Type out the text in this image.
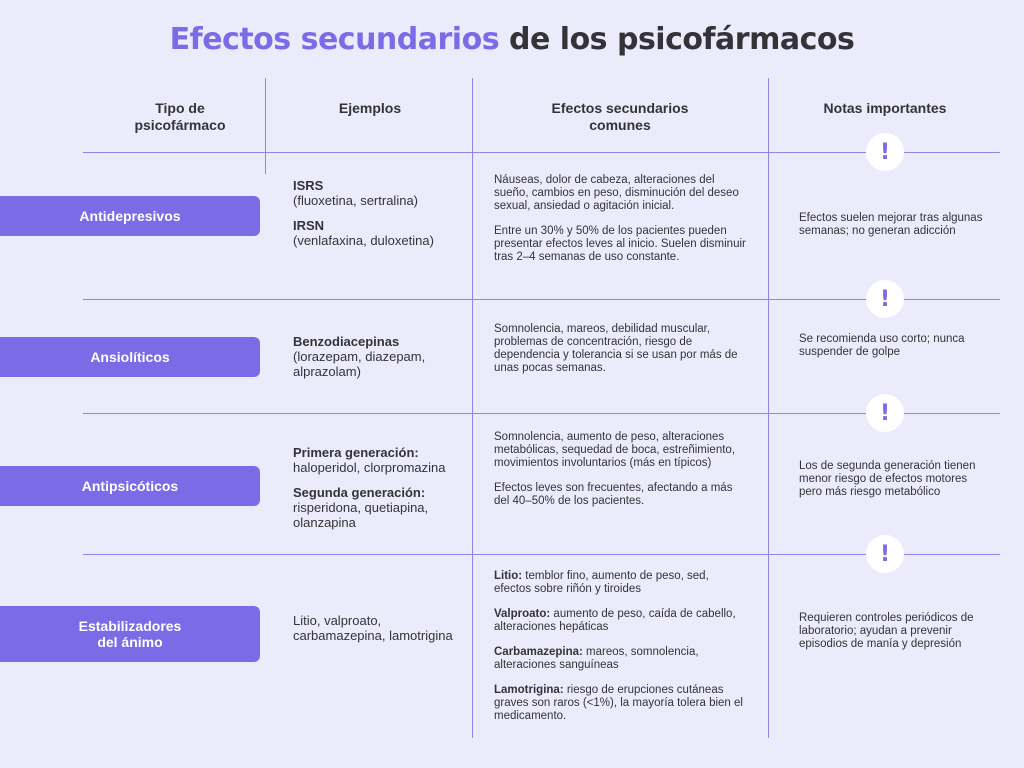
Efectos secundarios de los psicofármacos
Tipo de psicofármaco
Ejemplos	Efectos secundarios comunes
Notas importantes
!
!
!
!
Antidepresivos
ISRS
(fluoxetina, sertralina)
IRSN
(venlafaxina, duloxetina)

Náuseas, dolor de cabeza, alteraciones del sueño, cambios en peso, disminución del deseo sexual, ansiedad o agitación inicial.

Entre un 30% y 50% de los pacientes pueden presentar efectos leves al inicio. Suelen disminuir tras 2–4 semanas de uso constante.

Efectos suelen mejorar tras algunas semanas; no generan adicción
Ansiolíticos
Benzodiacepinas
(lorazepam, diazepam, alprazolam)

Somnolencia, mareos, debilidad muscular, problemas de concentración, riesgo de dependencia y tolerancia si se usan por más de unas pocas semanas.

Se recomienda uso corto; nunca suspender de golpe
Antipsicóticos
Primera generación:
haloperidol, clorpromazina
Segunda generación:
risperidona, quetiapina, olanzapina

Somnolencia, aumento de peso, alteraciones metabólicas, sequedad de boca, estreñimiento, movimientos involuntarios (más en típicos)

Efectos leves son frecuentes, afectando a más del 40–50% de los pacientes.

Los de segunda generación tienen menor riesgo de efectos motores pero más riesgo metabólico
Estabilizadores
del ánimo
Litio, valproato, carbamazepina, lamotrigina

Litio: temblor fino, aumento de peso, sed, efectos sobre riñón y tiroides

Valproato: aumento de peso, caída de cabello, alteraciones hepáticas

Carbamazepina: mareos, somnolencia, alteraciones sanguíneas

Lamotrigina: riesgo de erupciones cutáneas graves son raros (<1%), la mayoría tolera bien el medicamento.

Requieren controles periódicos de laboratorio; ayudan a prevenir episodios de manía y depresión
